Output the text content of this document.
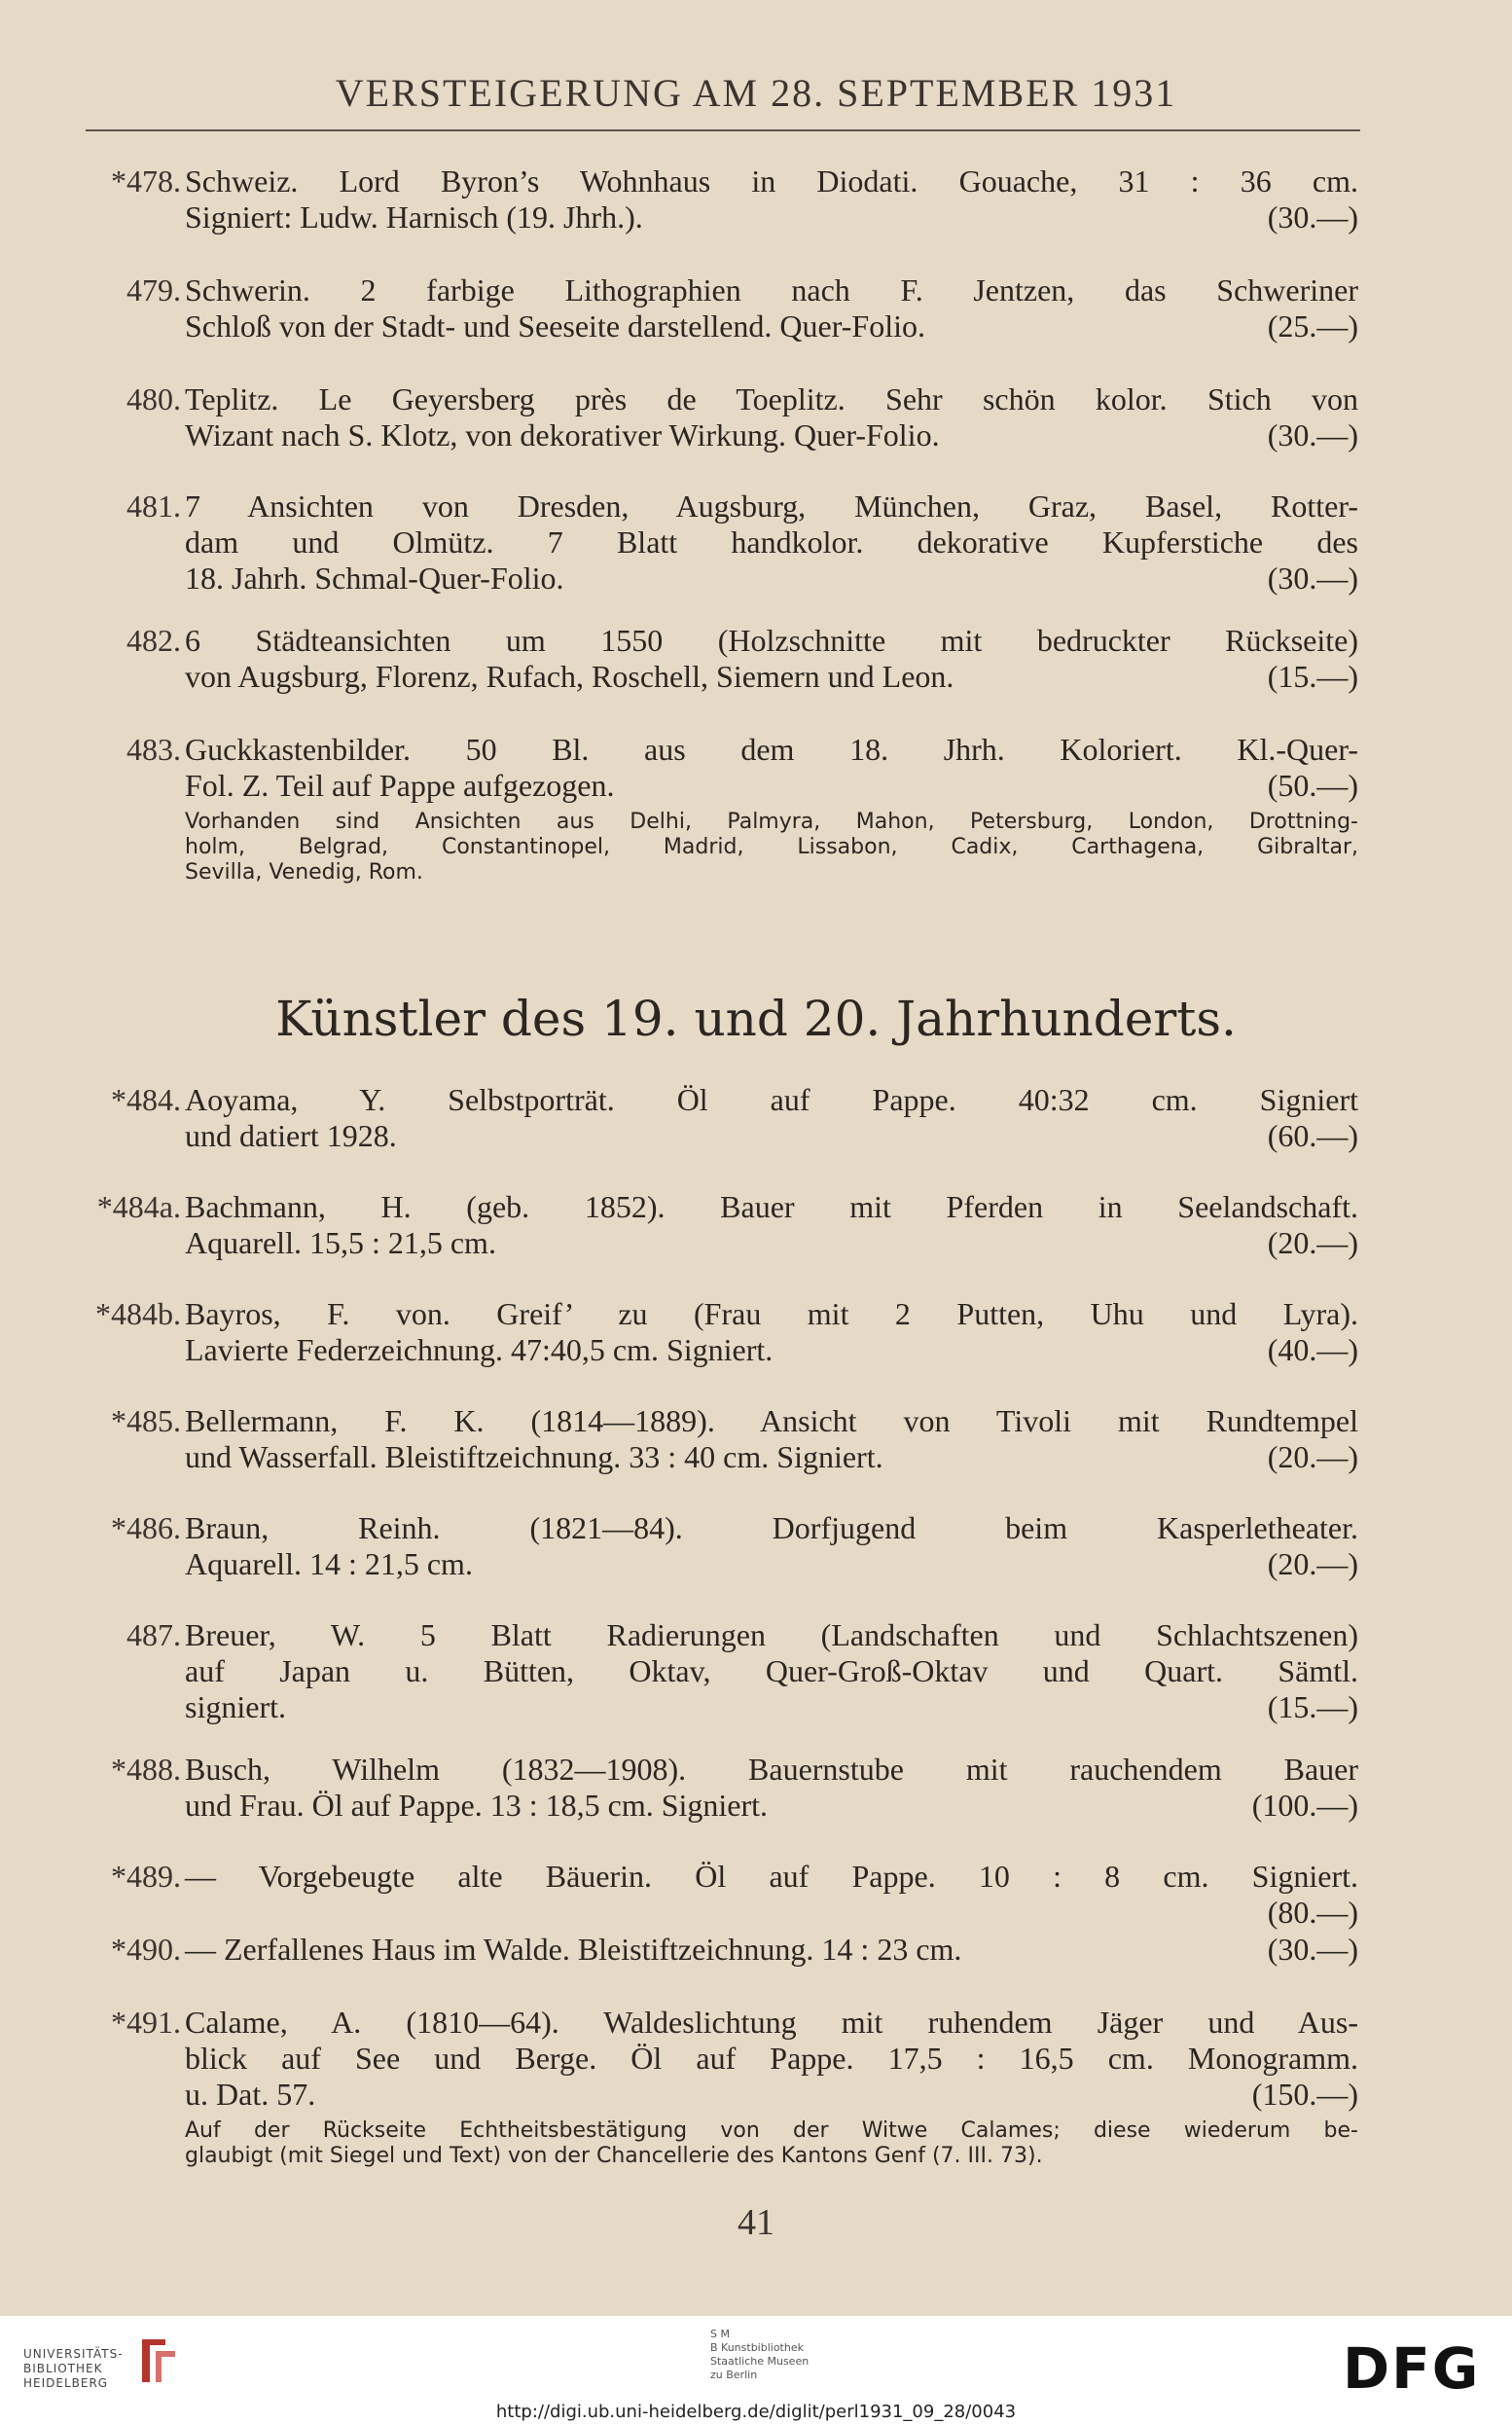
VERSTEIGERUNG AM 28. SEPTEMBER 1931
*478. Schweiz. Lord Byron’s Wohnhaus in Diodati. Gouache, 31 : 36 cm.
Signiert: Ludw. Harnisch (19. Jhrh.).	(30.—)
479. Schwerin. 2 farbige Lithographien nach F. Jentzen, das Schweriner
Schloß von der Stadt- und Seeseite darstellend. Quer-Folio.	(25.—)
480. Teplitz. Le Geyersberg près de Toeplitz. Sehr schön kolor. Stich von
Wizant nach S. Klotz, von dekorativer Wirkung. Quer-Folio.	(30.—)
481. 7 Ansichten von Dresden, Augsburg, München, Graz, Basel, Rotter-
dam und Olmütz. 7 Blatt handkolor. dekorative Kupferstiche des
18. Jahrh. Schmal-Quer-Folio.	(30.—)
482. 6 Städteansichten um 1550 (Holzschnitte mit bedruckter Rückseite)
von Augsburg, Florenz, Rufach, Roschell, Siemern und Leon.	(15.—)
483. Guckkastenbilder. 50 Bl. aus dem 18. Jhrh. Koloriert. Kl.-Quer-
Fol. Z. Teil auf Pappe aufgezogen.	(50.—)
Vorhanden sind Ansichten aus Delhi, Palmyra, Mahon, Petersburg, London, Drottning-
holm, Belgrad, Constantinopel, Madrid, Lissabon, Cadix, Carthagena, Gibraltar,
Sevilla, Venedig, Rom.
Künstler des 19. und 20. Jahrhunderts.
*484. Aoyama, Y. Selbstporträt. Öl auf Pappe. 40:32 cm. Signiert
und datiert 1928.	(60.—)
*484a. Bachmann, H. (geb. 1852). Bauer mit Pferden in Seelandschaft.
Aquarell. 15,5 : 21,5 cm.	(20.—)
*484b. Bayros, F. von. Greif’ zu (Frau mit 2 Putten, Uhu und Lyra).
Lavierte Federzeichnung. 47:40,5 cm. Signiert.	(40.—)
*485. Bellermann, F. K. (1814—1889). Ansicht von Tivoli mit Rundtempel
und Wasserfall. Bleistiftzeichnung. 33 : 40 cm. Signiert.	(20.—)
*486. Braun, Reinh. (1821—84). Dorfjugend beim Kasperletheater.
Aquarell. 14 : 21,5 cm.	(20.—)
487. Breuer, W. 5 Blatt Radierungen (Landschaften und Schlachtszenen)
auf Japan u. Bütten, Oktav, Quer-Groß-Oktav und Quart. Sämtl.
signiert.	(15.—)
*488. Busch, Wilhelm (1832—1908). Bauernstube mit rauchendem Bauer
und Frau. Öl auf Pappe. 13 : 18,5 cm. Signiert.	(100.—)
*489. — Vorgebeugte alte Bäuerin. Öl auf Pappe. 10 : 8 cm. Signiert.
(80.—)
*490. — Zerfallenes Haus im Walde. Bleistiftzeichnung. 14 : 23 cm.	(30.—)
*491. Calame, A. (1810—64). Waldeslichtung mit ruhendem Jäger und Aus-
blick auf See und Berge. Öl auf Pappe. 17,5 : 16,5 cm. Monogramm.
u. Dat. 57.	(150.—)
Auf der Rückseite Echtheitsbestätigung von der Witwe Calames; diese wiederum be-
glaubigt (mit Siegel und Text) von der Chancellerie des Kantons Genf (7. III. 73).
41
UNIVERSITÄTS-
BIBLIOTHEK
HEIDELBERG
S M
B Kunstbibliothek
Staatliche Museen
zu Berlin	DFG
http://digi.ub.uni-heidelberg.de/diglit/perl1931_09_28/0043
